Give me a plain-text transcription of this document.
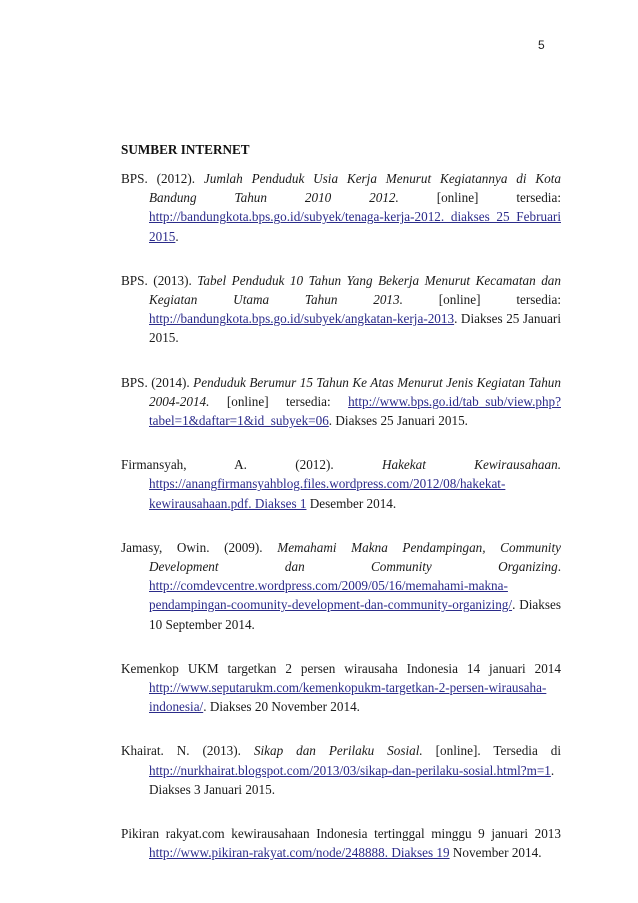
5
SUMBER INTERNET

BPS. (2012). Jumlah Penduduk Usia Kerja Menurut Kegiatannya di Kota Bandung Tahun 2010 2012. [online] tersedia: http://bandungkota.bps.go.id/subyek/tenaga-kerja-2012. diakses 25 Februari 2015.

BPS. (2013). Tabel Penduduk 10 Tahun Yang Bekerja Menurut Kecamatan dan Kegiatan Utama Tahun 2013. [online] tersedia: http://bandungkota.bps.go.id/subyek/angkatan-kerja-2013. Diakses 25 Januari 2015.

BPS. (2014). Penduduk Berumur 15 Tahun Ke Atas Menurut Jenis Kegiatan Tahun 2004-2014. [online] tersedia: http://www.bps.go.id/tab_sub/view.php?tabel=1&daftar=1&id_subyek=06. Diakses 25 Januari 2015.

Firmansyah, A. (2012). Hakekat Kewirausahaan. https://anangfirmansyahblog.files.wordpress.com/2012/08/hakekat-kewirausahaan.pdf. Diakses 1 Desember 2014.

Jamasy, Owin. (2009). Memahami Makna Pendampingan, Community Development dan Community Organizing. http://comdevcentre.wordpress.com/2009/05/16/memahami-makna-pendampingan-coomunity-development-dan-community-organizing/. Diakses 10 September 2014.

Kemenkop UKM targetkan 2 persen wirausaha Indonesia 14 januari 2014 http://www.seputarukm.com/kemenkopukm-targetkan-2-persen-wirausaha-indonesia/. Diakses 20 November 2014.

Khairat. N. (2013). Sikap dan Perilaku Sosial. [online]. Tersedia di http://nurkhairat.blogspot.com/2013/03/sikap-dan-perilaku-sosial.html?m=1. Diakses 3 Januari 2015.

Pikiran rakyat.com kewirausahaan Indonesia tertinggal minggu 9 januari 2013 http://www.pikiran-rakyat.com/node/248888. Diakses 19 November 2014.
